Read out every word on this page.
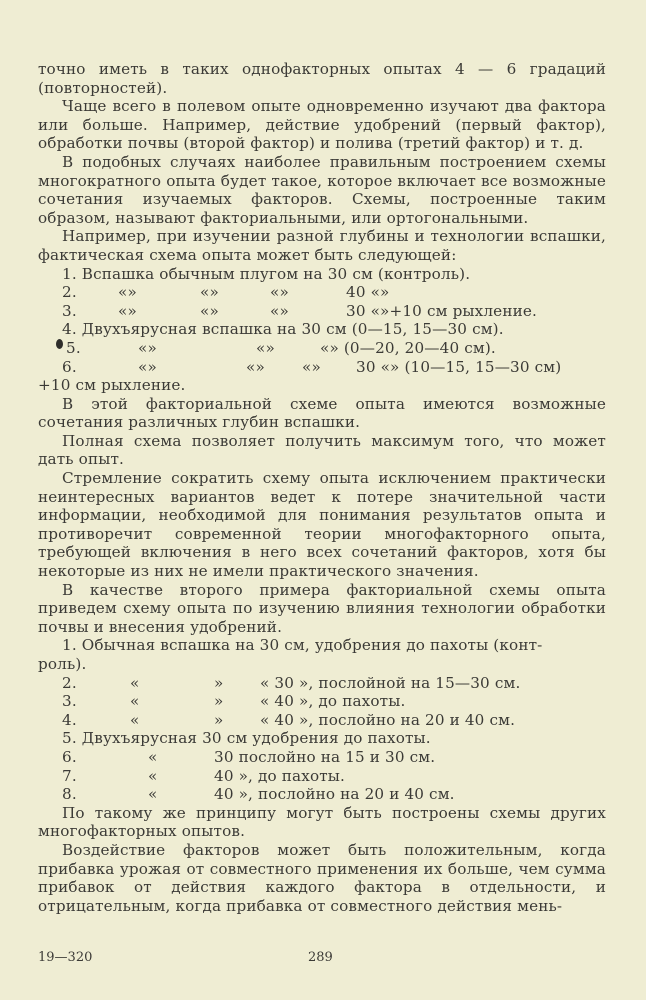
точно иметь в таких однофакторных опытах 4 — 6 градаций (повторностей).

Чаще всего в полевом опыте одновременно изучают два фактора или больше. Например, действие удобрений (первый фактор), обработки почвы (второй фактор) и полива (третий фактор) и т. д.

В подобных случаях наиболее правильным построением схемы многократного опыта будет такое, которое включает все возможные сочетания изучаемых факторов. Схемы, построенные таким образом, называют факториальными, или ортогональными.

Например, при изучении разной глубины и технологии вспашки, фактическая схема опыта может быть следующей:

1. Вспашка обычным плугом на 30 см (контроль).
2.	«»	«»	«»	40 «»
3.	«»	«»	«»	30 «»+10 см рыхление.
4. Двухъярусная вспашка на 30 см (0—15, 15—30 см).
5.	«»	«»	«» (0—20, 20—40 см).
6.	«»	«» «» 30 «» (10—15, 15—30 см)
+10 см рыхление.

В этой факториальной схеме опыта имеются возможные сочетания различных глубин вспашки.

Полная схема позволяет получить максимум того, что может дать опыт.

Стремление сократить схему опыта исключением практически неинтересных вариантов ведет к потере значительной части информации, необходимой для понимания результатов опыта и противоречит современной теории многофакторного опыта, требующей включения в него всех сочетаний факторов, хотя бы некоторые из них не имели практического значения.

В качестве второго примера факториальной схемы опыта приведем схему опыта по изучению влияния технологии обработки почвы и внесения удобрений.

1. Обычная вспашка на 30 см, удобрения до пахоты (конт-
роль).
2.	«	» « 30 », послойной на 15—30 см.
3.	«	» « 40 », до пахоты.
4.	«	» « 40 », послойно на 20 и 40 см.
5. Двухъярусная 30 см удобрения до пахоты.
6.	«	30 послойно на 15 и 30 см.
7.	«	40 », до пахоты.
8.	«	40 », послойно на 20 и 40 см.

По такому же принципу могут быть построены схемы других многофакторных опытов.

Воздействие факторов может быть положительным, когда прибавка урожая от совместного применения их больше, чем сумма прибавок от действия каждого фактора в отдельности, и отрицательным, когда прибавка от совместного действия мень-

19—320	289
